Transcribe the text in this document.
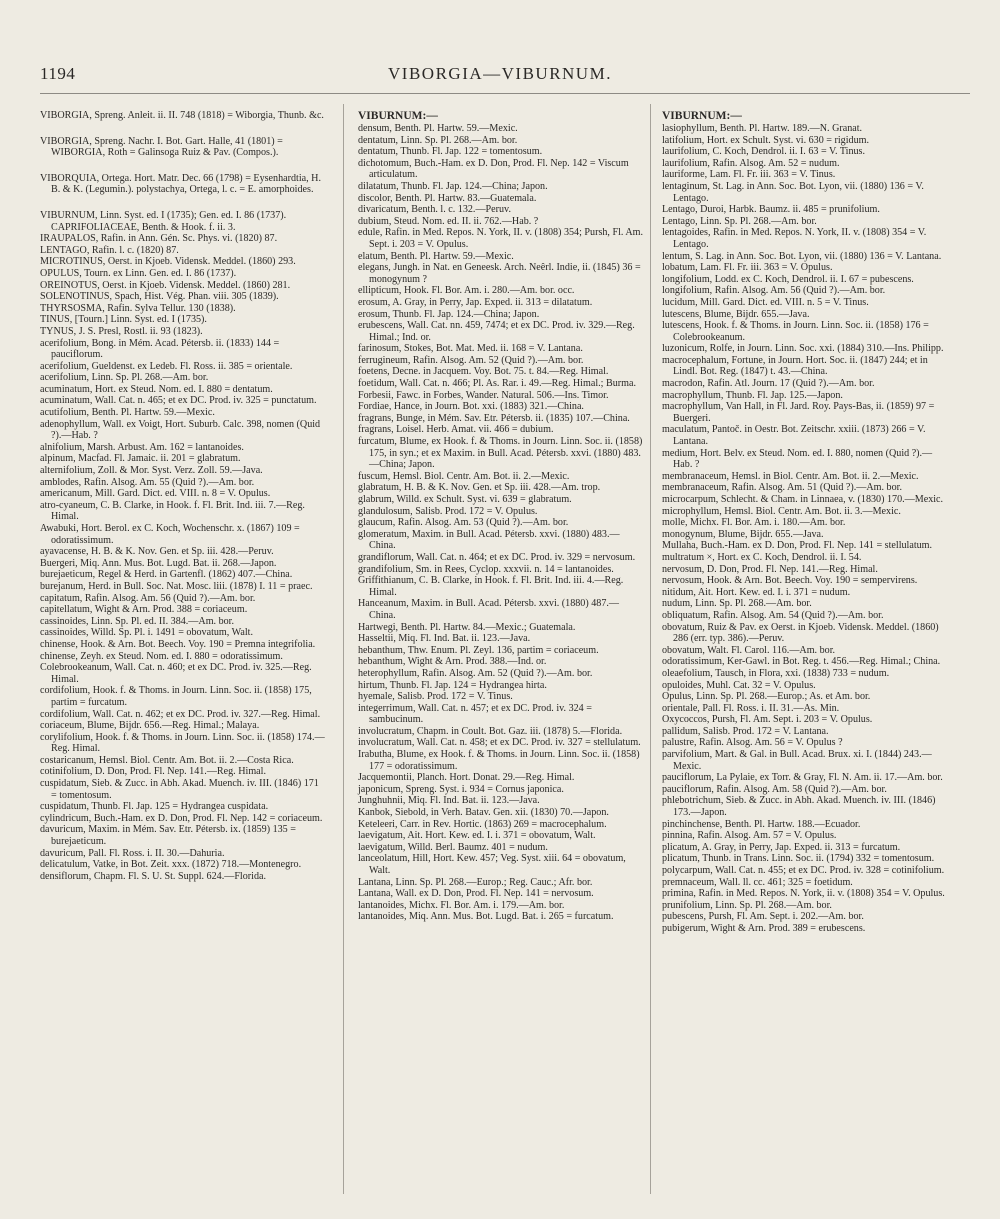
1194	VIBORGIA—VIBURNUM.
VIBORGIA, Spreng. Anleit. ii. II. 748 (1818) = Wiborgia, Thunb. &c.
VIBORGIA, Spreng. Nachr. I. Bot. Gart. Halle, 41 (1801) = WIBORGIA, Roth = Galinsoga Ruiz & Pav. (Compos.).
VIBORQUIA, Ortega. Hort. Matr. Dec. 66 (1798) = Eysenhardtia, H. B. & K. (Legumin.). polystachya, Ortega, l. c. = E. amorphoides.
VIBURNUM, Linn. Syst. ed. I (1735); Gen. ed. I. 86 (1737). CAPRIFOLIACEAE, Benth. & Hook. f. ii. 3.
IRAUPALOS, Rafin. in Ann. Gén. Sc. Phys. vi. (1820) 87.
LENTAGO, Rafin. l. c. (1820) 87.
MICROTINUS, Oerst. in Kjoeb. Vidensk. Meddel. (1860) 293.
OPULUS, Tourn. ex Linn. Gen. ed. I. 86 (1737).
OREINOTUS, Oerst. in Kjoeb. Vidensk. Meddel. (1860) 281.
SOLENOTINUS, Spach, Hist. Vég. Phan. viii. 305 (1839).
THYRSOSMA, Rafin. Sylva Tellur. 130 (1838).
TINUS, [Tourn.] Linn. Syst. ed. I (1735).
TYNUS, J. S. Presl, Rostl. ii. 93 (1823).
acerifolium, Bong. in Mém. Acad. Pétersb. ii. (1833) 144 = pauciflorum.
acerifolium, Gueldenst. ex Ledeb. Fl. Ross. ii. 385 = orientale.
acerifolium, Linn. Sp. Pl. 268.—Am. bor.
acuminatum, Hort. ex Steud. Nom. ed. I. 880 = dentatum.
acuminatum, Wall. Cat. n. 465; et ex DC. Prod. iv. 325 = punctatum.
acutifolium, Benth. Pl. Hartw. 59.—Mexic.
adenophyllum, Wall. ex Voigt, Hort. Suburb. Calc. 398, nomen (Quid ?).—Hab. ?
alnifolium, Marsh. Arbust. Am. 162 = lantanoides.
alpinum, Macfad. Fl. Jamaic. ii. 201 = glabratum.
alternifolium, Zoll. & Mor. Syst. Verz. Zoll. 59.—Java.
amblodes, Rafin. Alsog. Am. 55 (Quid ?).—Am. bor.
americanum, Mill. Gard. Dict. ed. VIII. n. 8 = V. Opulus.
atro-cyaneum, C. B. Clarke, in Hook. f. Fl. Brit. Ind. iii. 7.—Reg. Himal.
Awabuki, Hort. Berol. ex C. Koch, Wochenschr. x. (1867) 109 = odoratissimum.
ayavacense, H. B. & K. Nov. Gen. et Sp. iii. 428.—Peruv.
Buergeri, Miq. Ann. Mus. Bot. Lugd. Bat. ii. 268.—Japon.
burejaeticum, Regel & Herd. in Gartenfl. (1862) 407.—China.
burejanum, Herd. in Bull. Soc. Nat. Mosc. liii. (1878) I. 11 = praec.
capitatum, Rafin. Alsog. Am. 56 (Quid ?).—Am. bor.
capitellatum, Wight & Arn. Prod. 388 = coriaceum.
cassinoides, Linn. Sp. Pl. ed. II. 384.—Am. bor.
cassinoides, Willd. Sp. Pl. i. 1491 = obovatum, Walt.
chinense, Hook. & Arn. Bot. Beech. Voy. 190 = Premna integrifolia.
chinense, Zeyh. ex Steud. Nom. ed. I. 880 = odoratissimum.
Colebrookeanum, Wall. Cat. n. 460; et ex DC. Prod. iv. 325.—Reg. Himal.
cordifolium, Hook. f. & Thoms. in Journ. Linn. Soc. ii. (1858) 175, partim = furcatum.
cordifolium, Wall. Cat. n. 462; et ex DC. Prod. iv. 327.—Reg. Himal.
coriaceum, Blume, Bijdr. 656.—Reg. Himal.; Malaya.
corylifolium, Hook. f. & Thoms. in Journ. Linn. Soc. ii. (1858) 174.—Reg. Himal.
costaricanum, Hemsl. Biol. Centr. Am. Bot. ii. 2.—Costa Rica.
cotinifolium, D. Don, Prod. Fl. Nep. 141.—Reg. Himal.
cuspidatum, Sieb. & Zucc. in Abh. Akad. Muench. iv. III. (1846) 171 = tomentosum.
cuspidatum, Thunb. Fl. Jap. 125 = Hydrangea cuspidata.
cylindricum, Buch.-Ham. ex D. Don, Prod. Fl. Nep. 142 = coriaceum.
davuricum, Maxim. in Mém. Sav. Etr. Pétersb. ix. (1859) 135 = burejaeticum.
davuricum, Pall. Fl. Ross. i. II. 30.—Dahuria.
delicatulum, Vatke, in Bot. Zeit. xxx. (1872) 718.—Montenegro.
densiflorum, Chapm. Fl. S. U. St. Suppl. 624.—Florida.
VIBURNUM:—
densum, Benth. Pl. Hartw. 59.—Mexic.
dentatum, Linn. Sp. Pl. 268.—Am. bor.
dentatum, Thunb. Fl. Jap. 122 = tomentosum.
dichotomum, Buch.-Ham. ex D. Don, Prod. Fl. Nep. 142 = Viscum articulatum.
dilatatum, Thunb. Fl. Jap. 124.—China; Japon.
discolor, Benth. Pl. Hartw. 83.—Guatemala.
divaricatum, Benth. l. c. 132.—Peruv.
dubium, Steud. Nom. ed. II. ii. 762.—Hab. ?
edule, Rafin. in Med. Repos. N. York, II. v. (1808) 354; Pursh, Fl. Am. Sept. i. 203 = V. Opulus.
elatum, Benth. Pl. Hartw. 59.—Mexic.
elegans, Jungh. in Nat. en Geneesk. Arch. Neêrl. Indie, ii. (1845) 36 = monogynum ?
ellipticum, Hook. Fl. Bor. Am. i. 280.—Am. bor. occ.
erosum, A. Gray, in Perry, Jap. Exped. ii. 313 = dilatatum.
erosum, Thunb. Fl. Jap. 124.—China; Japon.
erubescens, Wall. Cat. nn. 459, 7474; et ex DC. Prod. iv. 329.—Reg. Himal.; Ind. or.
farinosum, Stokes, Bot. Mat. Med. ii. 168 = V. Lantana.
ferrugineum, Rafin. Alsog. Am. 52 (Quid ?).—Am. bor.
foetens, Decne. in Jacquem. Voy. Bot. 75. t. 84.—Reg. Himal.
foetidum, Wall. Cat. n. 466; Pl. As. Rar. i. 49.—Reg. Himal.; Burma.
Forbesii, Fawc. in Forbes, Wander. Natural. 506.—Ins. Timor.
Fordiae, Hance, in Journ. Bot. xxi. (1883) 321.—China.
fragrans, Bunge, in Mém. Sav. Etr. Pétersb. ii. (1835) 107.—China.
fragrans, Loisel. Herb. Amat. vii. 466 = dubium.
furcatum, Blume, ex Hook. f. & Thoms. in Journ. Linn. Soc. ii. (1858) 175, in syn.; et ex Maxim. in Bull. Acad. Pétersb. xxvi. (1880) 483.—China; Japon.
fuscum, Hemsl. Biol. Centr. Am. Bot. ii. 2.—Mexic.
glabratum, H. B. & K. Nov. Gen. et Sp. iii. 428.—Am. trop.
glabrum, Willd. ex Schult. Syst. vi. 639 = glabratum.
glandulosum, Salisb. Prod. 172 = V. Opulus.
glaucum, Rafin. Alsog. Am. 53 (Quid ?).—Am. bor.
glomeratum, Maxim. in Bull. Acad. Pétersb. xxvi. (1880) 483.—China.
grandiflorum, Wall. Cat. n. 464; et ex DC. Prod. iv. 329 = nervosum.
grandifolium, Sm. in Rees, Cyclop. xxxvii. n. 14 = lantanoides.
Griffithianum, C. B. Clarke, in Hook. f. Fl. Brit. Ind. iii. 4.—Reg. Himal.
Hanceanum, Maxim. in Bull. Acad. Pétersb. xxvi. (1880) 487.—China.
Hartwegi, Benth. Pl. Hartw. 84.—Mexic.; Guatemala.
Hasseltii, Miq. Fl. Ind. Bat. ii. 123.—Java.
hebanthum, Thw. Enum. Pl. Zeyl. 136, partim = coriaceum.
hebanthum, Wight & Arn. Prod. 388.—Ind. or.
heterophyllum, Rafin. Alsog. Am. 52 (Quid ?).—Am. bor.
hirtum, Thunb. Fl. Jap. 124 = Hydrangea hirta.
hyemale, Salisb. Prod. 172 = V. Tinus.
integerrimum, Wall. Cat. n. 457; et ex DC. Prod. iv. 324 = sambucinum.
involucratum, Chapm. in Coult. Bot. Gaz. iii. (1878) 5.—Florida.
involucratum, Wall. Cat. n. 458; et ex DC. Prod. iv. 327 = stellulatum.
Irabutha, Blume, ex Hook. f. & Thoms. in Journ. Linn. Soc. ii. (1858) 177 = odoratissimum.
Jacquemontii, Planch. Hort. Donat. 29.—Reg. Himal.
japonicum, Spreng. Syst. i. 934 = Cornus japonica.
Junghuhnii, Miq. Fl. Ind. Bat. ii. 123.—Java.
Kanbok, Siebold, in Verh. Batav. Gen. xii. (1830) 70.—Japon.
Keteleeri, Carr. in Rev. Hortic. (1863) 269 = macrocephalum.
laevigatum, Ait. Hort. Kew. ed. I. i. 371 = obovatum, Walt.
laevigatum, Willd. Berl. Baumz. 401 = nudum.
lanceolatum, Hill, Hort. Kew. 457; Veg. Syst. xiii. 64 = obovatum, Walt.
Lantana, Linn. Sp. Pl. 268.—Europ.; Reg. Cauc.; Afr. bor.
Lantana, Wall. ex D. Don, Prod. Fl. Nep. 141 = nervosum.
lantanoides, Michx. Fl. Bor. Am. i. 179.—Am. bor.
lantanoides, Miq. Ann. Mus. Bot. Lugd. Bat. i. 265 = furcatum.
VIBURNUM:—
lasiophyllum, Benth. Pl. Hartw. 189.—N. Granat.
latifolium, Hort. ex Schult. Syst. vi. 630 = rigidum.
laurifolium, C. Koch, Dendrol. ii. I. 63 = V. Tinus.
laurifolium, Rafin. Alsog. Am. 52 = nudum.
lauriforme, Lam. Fl. Fr. iii. 363 = V. Tinus.
lentaginum, St. Lag. in Ann. Soc. Bot. Lyon, vii. (1880) 136 = V. Lentago.
Lentago, Duroi, Harbk. Baumz. ii. 485 = prunifolium.
Lentago, Linn. Sp. Pl. 268.—Am. bor.
lentagoides, Rafin. in Med. Repos. N. York, II. v. (1808) 354 = V. Lentago.
lentum, S. Lag. in Ann. Soc. Bot. Lyon, vii. (1880) 136 = V. Lantana.
lobatum, Lam. Fl. Fr. iii. 363 = V. Opulus.
longifolium, Lodd. ex C. Koch, Dendrol. ii. I. 67 = pubescens.
longifolium, Rafin. Alsog. Am. 56 (Quid ?).—Am. bor.
lucidum, Mill. Gard. Dict. ed. VIII. n. 5 = V. Tinus.
lutescens, Blume, Bijdr. 655.—Java.
lutescens, Hook. f. & Thoms. in Journ. Linn. Soc. ii. (1858) 176 = Colebrookeanum.
luzonicum, Rolfe, in Journ. Linn. Soc. xxi. (1884) 310.—Ins. Philipp.
macrocephalum, Fortune, in Journ. Hort. Soc. ii. (1847) 244; et in Lindl. Bot. Reg. (1847) t. 43.—China.
macrodon, Rafin. Atl. Journ. 17 (Quid ?).—Am. bor.
macrophyllum, Thunb. Fl. Jap. 125.—Japon.
macrophyllum, Van Hall, in Fl. Jard. Roy. Pays-Bas, ii. (1859) 97 = Buergeri.
maculatum, Pantoč. in Oestr. Bot. Zeitschr. xxiii. (1873) 266 = V. Lantana.
medium, Hort. Belv. ex Steud. Nom. ed. I. 880, nomen (Quid ?).—Hab. ?
membranaceum, Hemsl. in Biol. Centr. Am. Bot. ii. 2.—Mexic.
membranaceum, Rafin. Alsog. Am. 51 (Quid ?).—Am. bor.
microcarpum, Schlecht. & Cham. in Linnaea, v. (1830) 170.—Mexic.
microphyllum, Hemsl. Biol. Centr. Am. Bot. ii. 3.—Mexic.
molle, Michx. Fl. Bor. Am. i. 180.—Am. bor.
monogynum, Blume, Bijdr. 655.—Java.
Mullaha, Buch.-Ham. ex D. Don, Prod. Fl. Nep. 141 = stellulatum.
multratum ×, Hort. ex C. Koch, Dendrol. ii. I. 54.
nervosum, D. Don, Prod. Fl. Nep. 141.—Reg. Himal.
nervosum, Hook. & Arn. Bot. Beech. Voy. 190 = sempervirens.
nitidum, Ait. Hort. Kew. ed. I. i. 371 = nudum.
nudum, Linn. Sp. Pl. 268.—Am. bor.
obliquatum, Rafin. Alsog. Am. 54 (Quid ?).—Am. bor.
obovatum, Ruiz & Pav. ex Oerst. in Kjoeb. Vidensk. Meddel. (1860) 286 (err. typ. 386).—Peruv.
obovatum, Walt. Fl. Carol. 116.—Am. bor.
odoratissimum, Ker-Gawl. in Bot. Reg. t. 456.—Reg. Himal.; China.
oleaefolium, Tausch, in Flora, xxi. (1838) 733 = nudum.
opuloides, Muhl. Cat. 32 = V. Opulus.
Opulus, Linn. Sp. Pl. 268.—Europ.; As. et Am. bor.
orientale, Pall. Fl. Ross. i. II. 31.—As. Min.
Oxycoccos, Pursh, Fl. Am. Sept. i. 203 = V. Opulus.
pallidum, Salisb. Prod. 172 = V. Lantana.
palustre, Rafin. Alsog. Am. 56 = V. Opulus ?
parvifolium, Mart. & Gal. in Bull. Acad. Brux. xi. I. (1844) 243.—Mexic.
pauciflorum, La Pylaie, ex Torr. & Gray, Fl. N. Am. ii. 17.—Am. bor.
pauciflorum, Rafin. Alsog. Am. 58 (Quid ?).—Am. bor.
phlebotrichum, Sieb. & Zucc. in Abh. Akad. Muench. iv. III. (1846) 173.—Japon.
pinchinchense, Benth. Pl. Hartw. 188.—Ecuador.
pinnina, Rafin. Alsog. Am. 57 = V. Opulus.
plicatum, A. Gray, in Perry, Jap. Exped. ii. 313 = furcatum.
plicatum, Thunb. in Trans. Linn. Soc. ii. (1794) 332 = tomentosum.
polycarpum, Wall. Cat. n. 455; et ex DC. Prod. iv. 328 = cotinifolium.
premnaceum, Wall. ll. cc. 461; 325 = foetidum.
primina, Rafin. in Med. Repos. N. York, ii. v. (1808) 354 = V. Opulus.
prunifolium, Linn. Sp. Pl. 268.—Am. bor.
pubescens, Pursh, Fl. Am. Sept. i. 202.—Am. bor.
pubigerum, Wight & Arn. Prod. 389 = erubescens.
